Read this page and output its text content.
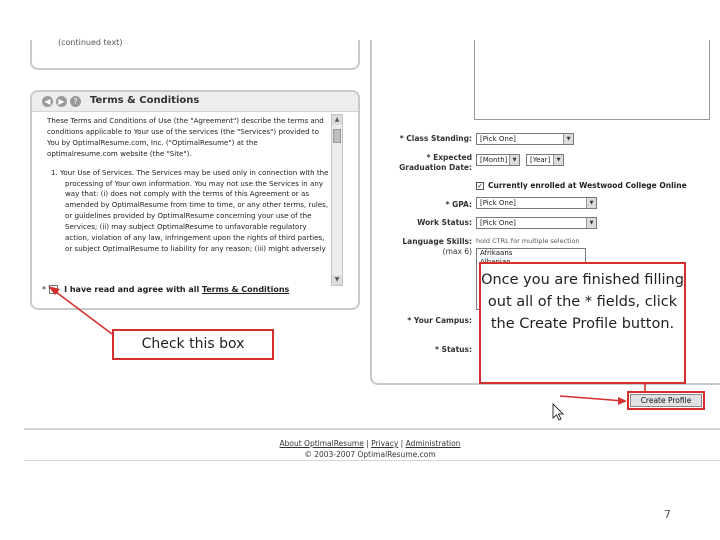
(continued text)
◀ ▶	?	Terms & Conditions

These Terms and Conditions of Use (the "Agreement") describe the terms and conditions applicable to Your use of the services (the "Services") provided to You by OptimalResume.com, Inc. ("OptimalResume") at the optimalresume.com website (the "Site").

1. Your Use of Services. The Services may be used only in connection with the processing of Your own information. You may not use the Services in any way that: (i) does not comply with the terms of this Agreement or as amended by OptimalResume from time to time, or any other terms, rules, or guidelines provided by OptimalResume concerning your use of the Services; (ii) may subject OptimalResume to unfavorable regulatory action, violation of any law, infringement upon the rights of third parties, or subject OptimalResume to liability for any reason; (iii) might adversely

▲
▼
* I have read and agree with all Terms & Conditions
Check this box
* Class Standing:	[Pick One]	▼
* Expected
Graduation Date:
[Month]	▼	[Year]	▼
✓ Currently enrolled at Westwood College Online
* GPA:	[Pick One]	▼
Work Status:	[Pick One]	▼
Language Skills:
(max 6)
hold CTRL for multiple selection
Afrikaans
* Your Campus:
* Status:
Once you are finished filling out all of the * fields, click the Create Profile button.
Create Profile
About OptimalResume | Privacy | Administration
© 2003-2007 OptimalResume.com
7
